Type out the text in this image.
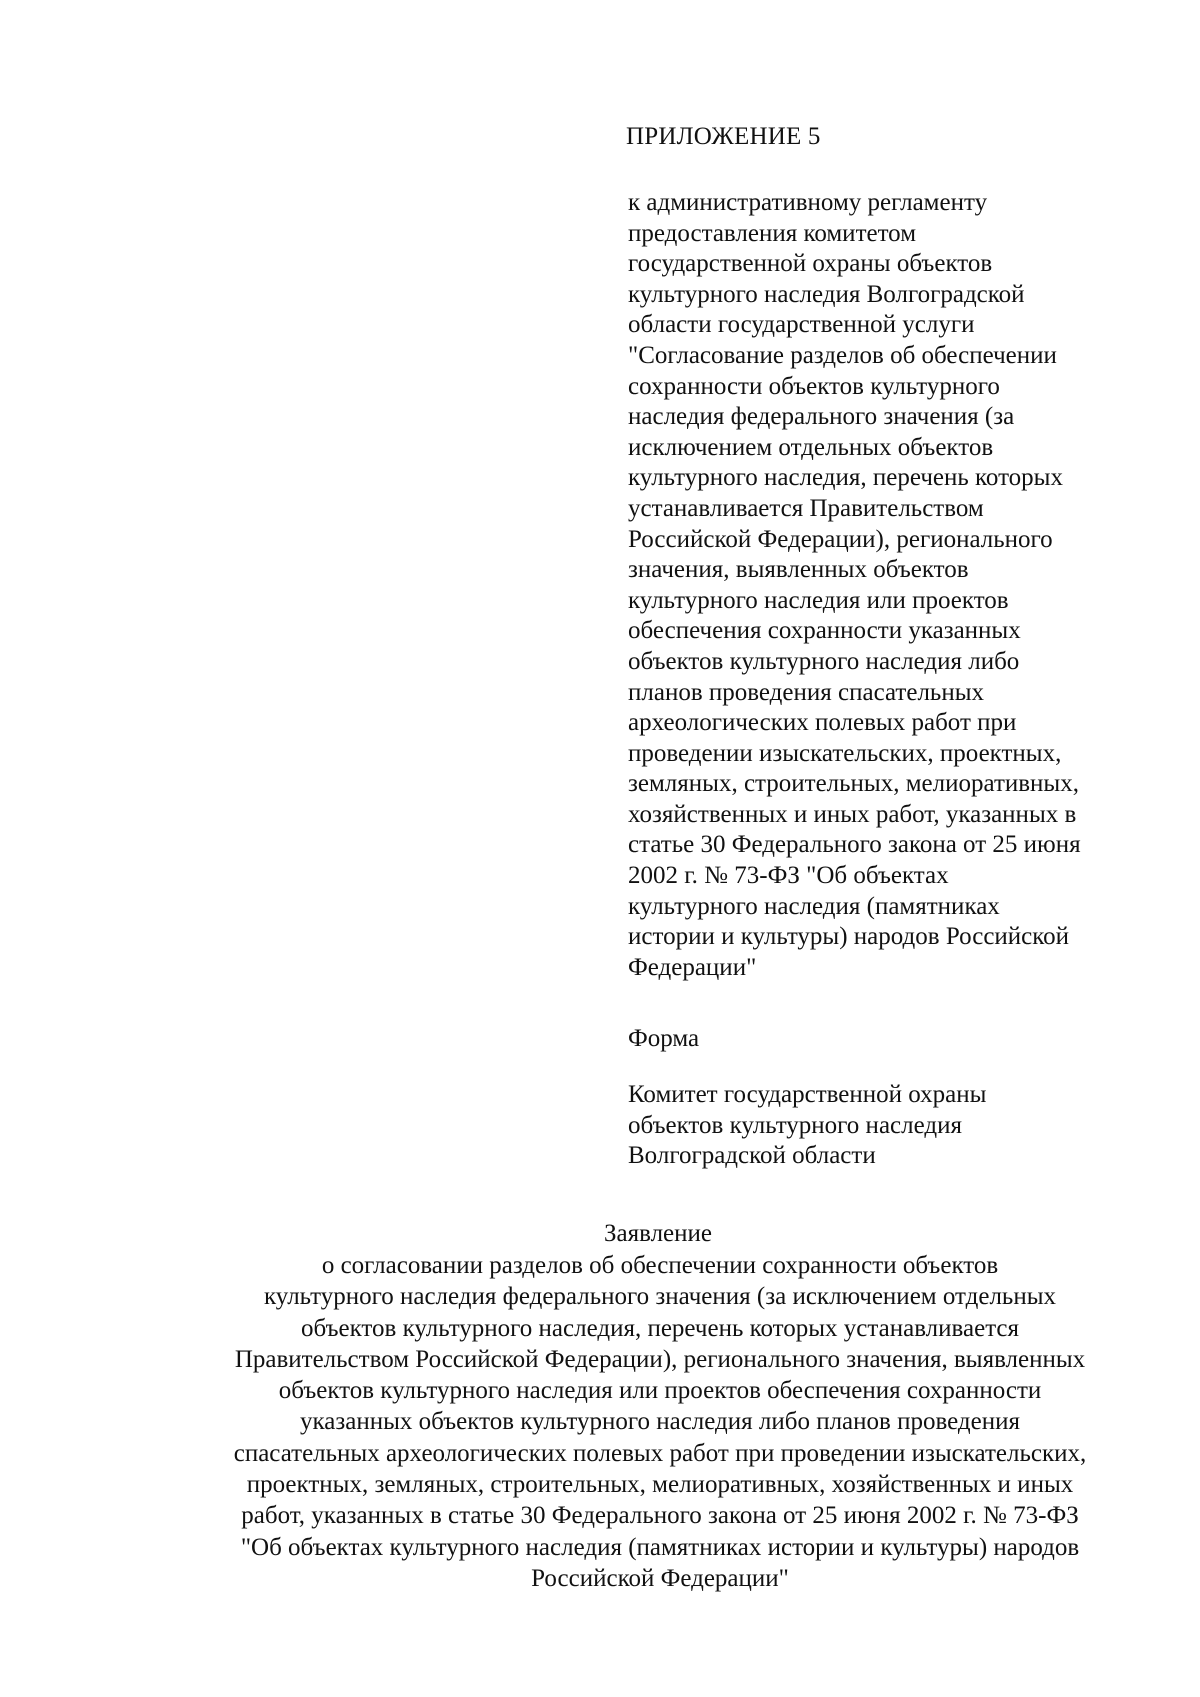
ПРИЛОЖЕНИЕ 5
к административному регламенту
предоставления комитетом
государственной охраны объектов
культурного наследия Волгоградской
области государственной услуги
"Согласование разделов об обеспечении
сохранности объектов культурного
наследия федерального значения (за
исключением отдельных объектов
культурного наследия, перечень которых
устанавливается Правительством
Российской Федерации), регионального
значения, выявленных объектов
культурного наследия или проектов
обеспечения сохранности указанных
объектов культурного наследия либо
планов проведения спасательных
археологических полевых работ при
проведении изыскательских, проектных,
земляных, строительных, мелиоративных,
хозяйственных и иных работ, указанных в
статье 30 Федерального закона от 25 июня
2002 г. № 73-ФЗ "Об объектах
культурного наследия (памятниках
истории и культуры) народов Российской
Федерации"
Форма
Комитет государственной охраны
объектов культурного наследия
Волгоградской области
Заявление
о согласовании разделов об обеспечении сохранности объектов
культурного наследия федерального значения (за исключением отдельных
объектов культурного наследия, перечень которых устанавливается
Правительством Российской Федерации), регионального значения, выявленных
объектов культурного наследия или проектов обеспечения сохранности
указанных объектов культурного наследия либо планов проведения
спасательных археологических полевых работ при проведении изыскательских,
проектных, земляных, строительных, мелиоративных, хозяйственных и иных
работ, указанных в статье 30 Федерального закона от 25 июня 2002 г. № 73-ФЗ
"Об объектах культурного наследия (памятниках истории и культуры) народов
Российской Федерации"
